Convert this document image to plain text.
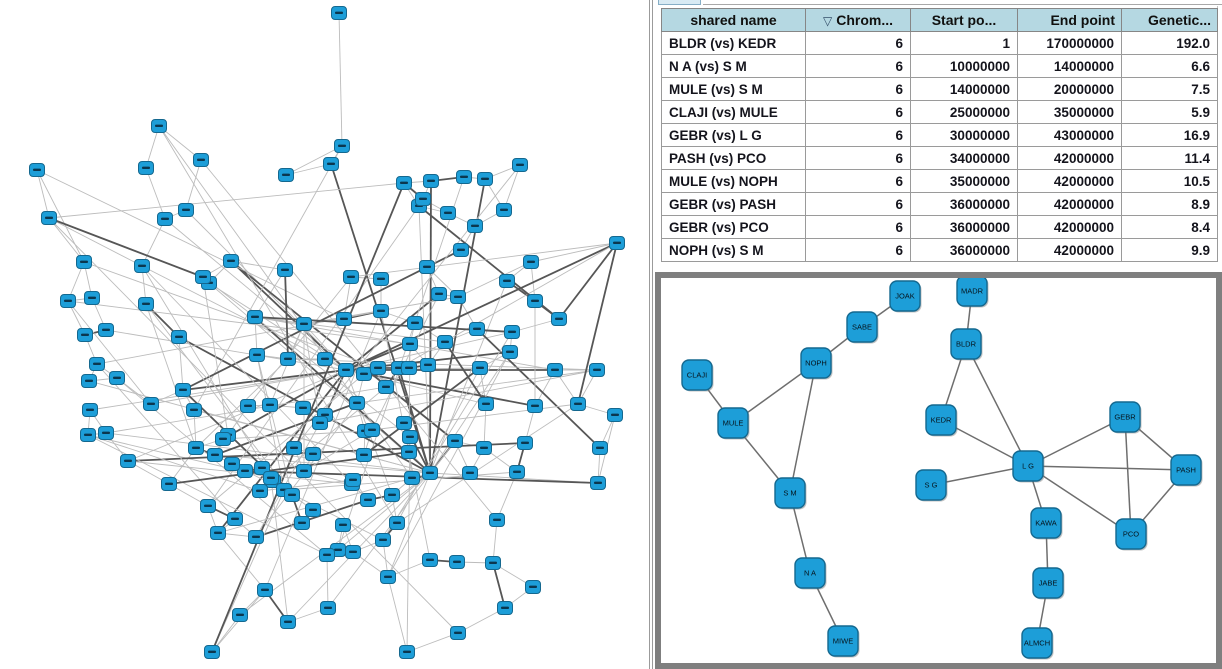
shared name	▽ Chrom...	Start po...	End point	Genetic...
BLDR (vs) KEDR	6	1	170000000	192.0
N A (vs) S M	6	10000000	14000000	6.6
MULE (vs) S M	6	14000000	20000000	7.5
CLAJI (vs) MULE	6	25000000	35000000	5.9
GEBR (vs) L G	6	30000000	43000000	16.9
PASH (vs) PCO	6	34000000	42000000	11.4
MULE (vs) NOPH	6	35000000	42000000	10.5
GEBR (vs) PASH	6	36000000	42000000	8.9
GEBR (vs) PCO	6	36000000	42000000	8.4
NOPH (vs) S M	6	36000000	42000000	9.9
JOAK
SABE
NOPH
CLAJI
MULE
S M
N A
MIWE
MADR
BLDR
KEDR
L G
S G
GEBR
PASH
KAWA
PCO
JABE
ALMCH
